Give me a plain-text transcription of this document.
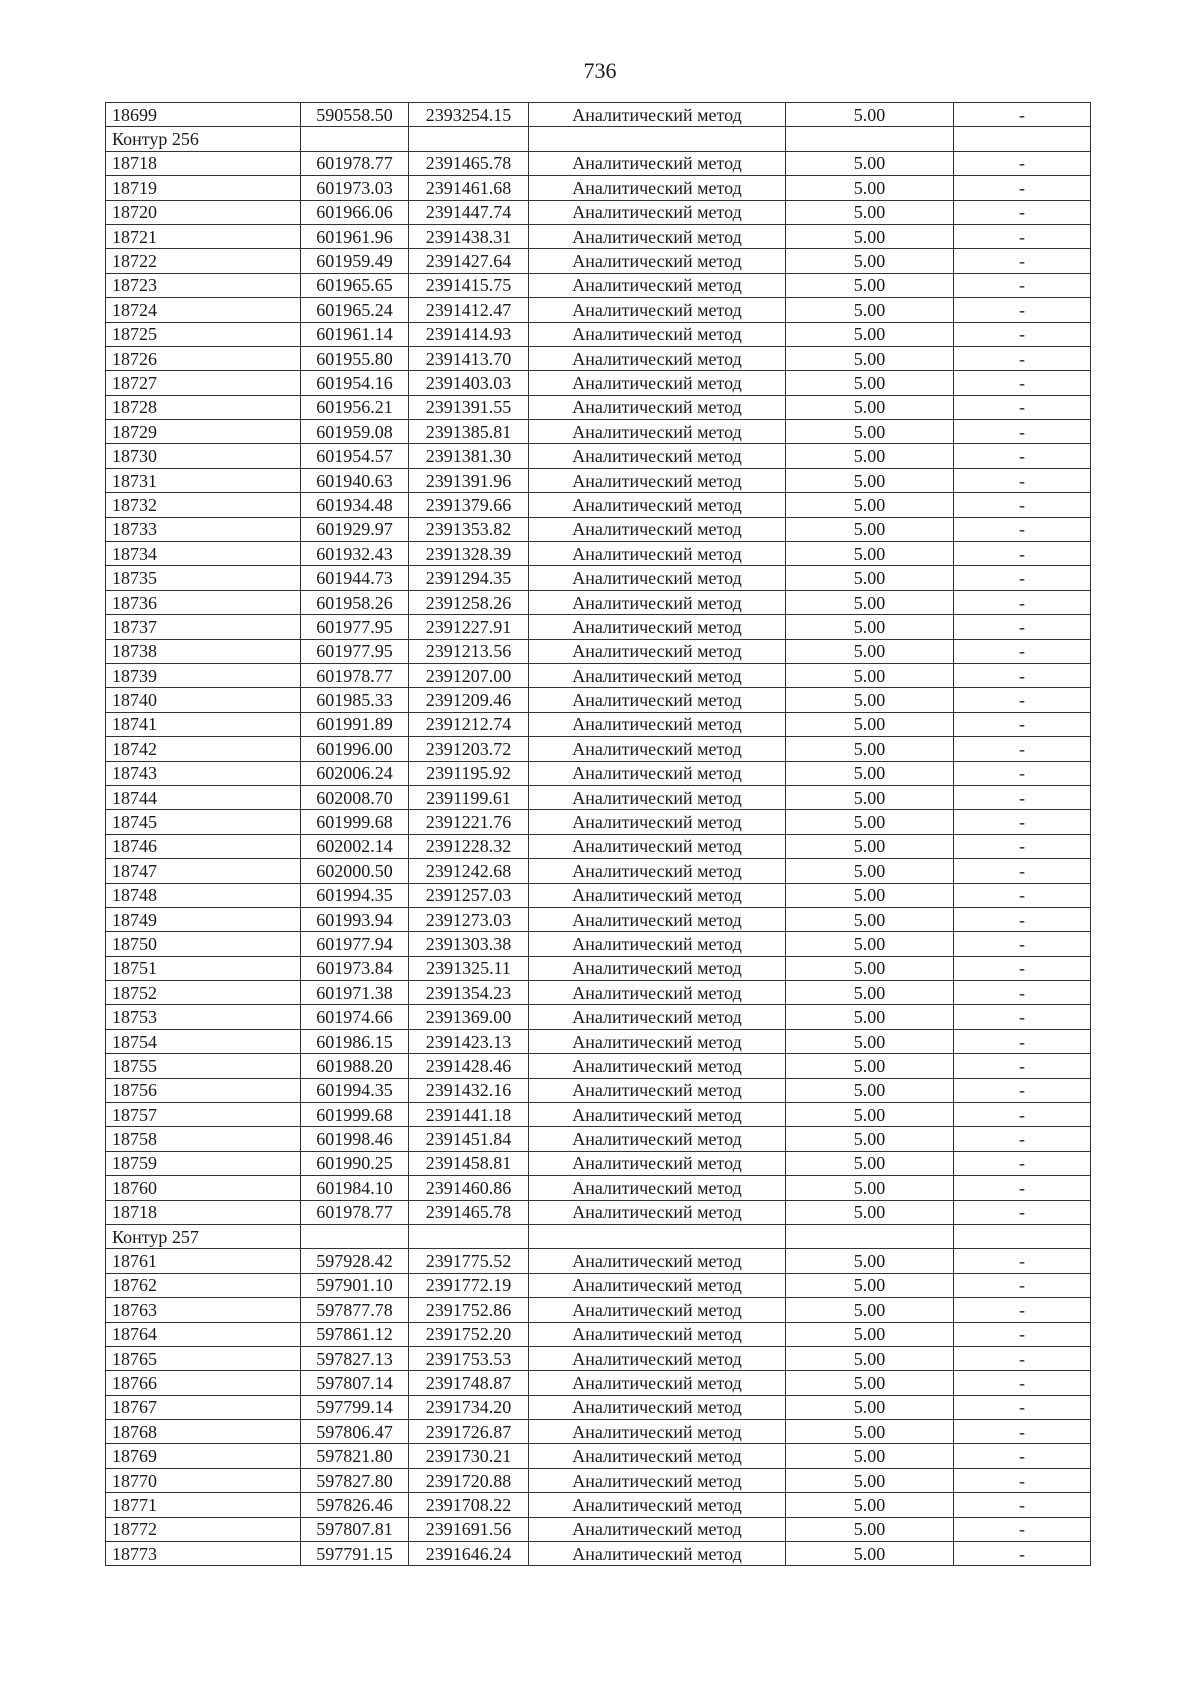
736
18699	590558.50	2393254.15	Аналитический метод	5.00	-
Контур 256					
18718	601978.77	2391465.78	Аналитический метод	5.00	-
18719	601973.03	2391461.68	Аналитический метод	5.00	-
18720	601966.06	2391447.74	Аналитический метод	5.00	-
18721	601961.96	2391438.31	Аналитический метод	5.00	-
18722	601959.49	2391427.64	Аналитический метод	5.00	-
18723	601965.65	2391415.75	Аналитический метод	5.00	-
18724	601965.24	2391412.47	Аналитический метод	5.00	-
18725	601961.14	2391414.93	Аналитический метод	5.00	-
18726	601955.80	2391413.70	Аналитический метод	5.00	-
18727	601954.16	2391403.03	Аналитический метод	5.00	-
18728	601956.21	2391391.55	Аналитический метод	5.00	-
18729	601959.08	2391385.81	Аналитический метод	5.00	-
18730	601954.57	2391381.30	Аналитический метод	5.00	-
18731	601940.63	2391391.96	Аналитический метод	5.00	-
18732	601934.48	2391379.66	Аналитический метод	5.00	-
18733	601929.97	2391353.82	Аналитический метод	5.00	-
18734	601932.43	2391328.39	Аналитический метод	5.00	-
18735	601944.73	2391294.35	Аналитический метод	5.00	-
18736	601958.26	2391258.26	Аналитический метод	5.00	-
18737	601977.95	2391227.91	Аналитический метод	5.00	-
18738	601977.95	2391213.56	Аналитический метод	5.00	-
18739	601978.77	2391207.00	Аналитический метод	5.00	-
18740	601985.33	2391209.46	Аналитический метод	5.00	-
18741	601991.89	2391212.74	Аналитический метод	5.00	-
18742	601996.00	2391203.72	Аналитический метод	5.00	-
18743	602006.24	2391195.92	Аналитический метод	5.00	-
18744	602008.70	2391199.61	Аналитический метод	5.00	-
18745	601999.68	2391221.76	Аналитический метод	5.00	-
18746	602002.14	2391228.32	Аналитический метод	5.00	-
18747	602000.50	2391242.68	Аналитический метод	5.00	-
18748	601994.35	2391257.03	Аналитический метод	5.00	-
18749	601993.94	2391273.03	Аналитический метод	5.00	-
18750	601977.94	2391303.38	Аналитический метод	5.00	-
18751	601973.84	2391325.11	Аналитический метод	5.00	-
18752	601971.38	2391354.23	Аналитический метод	5.00	-
18753	601974.66	2391369.00	Аналитический метод	5.00	-
18754	601986.15	2391423.13	Аналитический метод	5.00	-
18755	601988.20	2391428.46	Аналитический метод	5.00	-
18756	601994.35	2391432.16	Аналитический метод	5.00	-
18757	601999.68	2391441.18	Аналитический метод	5.00	-
18758	601998.46	2391451.84	Аналитический метод	5.00	-
18759	601990.25	2391458.81	Аналитический метод	5.00	-
18760	601984.10	2391460.86	Аналитический метод	5.00	-
18718	601978.77	2391465.78	Аналитический метод	5.00	-
Контур 257					
18761	597928.42	2391775.52	Аналитический метод	5.00	-
18762	597901.10	2391772.19	Аналитический метод	5.00	-
18763	597877.78	2391752.86	Аналитический метод	5.00	-
18764	597861.12	2391752.20	Аналитический метод	5.00	-
18765	597827.13	2391753.53	Аналитический метод	5.00	-
18766	597807.14	2391748.87	Аналитический метод	5.00	-
18767	597799.14	2391734.20	Аналитический метод	5.00	-
18768	597806.47	2391726.87	Аналитический метод	5.00	-
18769	597821.80	2391730.21	Аналитический метод	5.00	-
18770	597827.80	2391720.88	Аналитический метод	5.00	-
18771	597826.46	2391708.22	Аналитический метод	5.00	-
18772	597807.81	2391691.56	Аналитический метод	5.00	-
18773	597791.15	2391646.24	Аналитический метод	5.00	-
